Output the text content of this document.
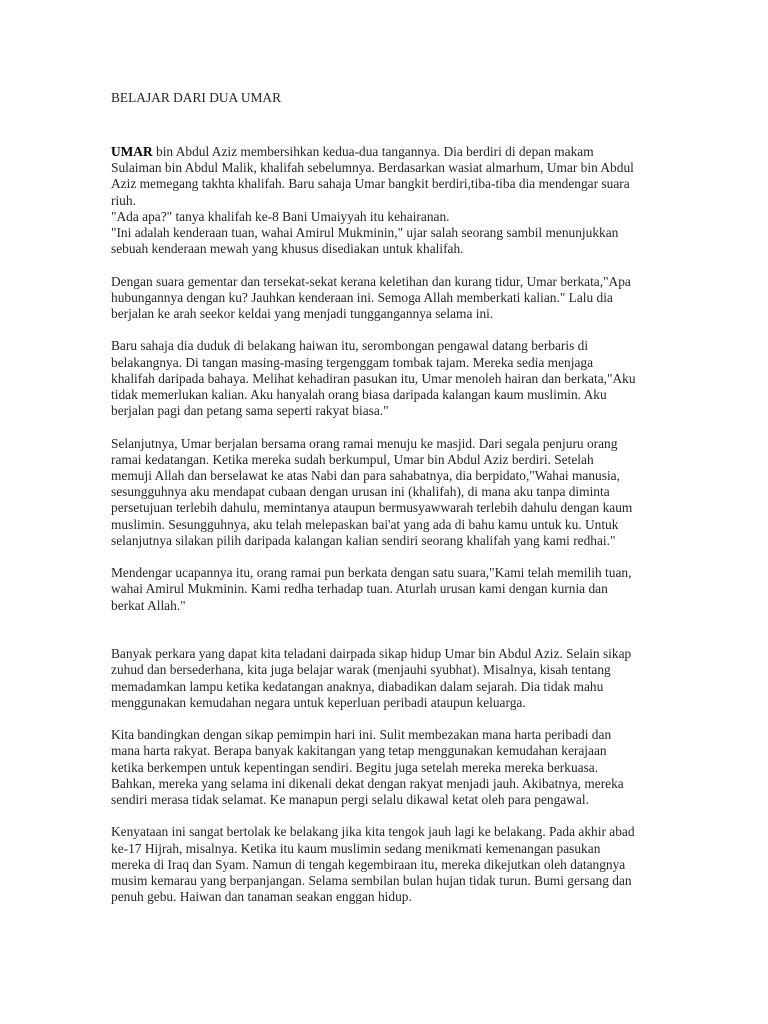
BELAJAR DARI DUA UMAR

UMAR bin Abdul Aziz membersihkan kedua-dua tangannya. Dia berdiri di depan makam
Sulaiman bin Abdul Malik, khalifah sebelumnya. Berdasarkan wasiat almarhum, Umar bin Abdul
Aziz memegang takhta khalifah. Baru sahaja Umar bangkit berdiri,tiba-tiba dia mendengar suara
riuh.
"Ada apa?" tanya khalifah ke-8 Bani Umaiyyah itu kehairanan.
"Ini adalah kenderaan tuan, wahai Amirul Mukminin," ujar salah seorang sambil menunjukkan
sebuah kenderaan mewah yang khusus disediakan untuk khalifah.

Dengan suara gementar dan tersekat-sekat kerana keletihan dan kurang tidur, Umar berkata,"Apa
hubungannya dengan ku? Jauhkan kenderaan ini. Semoga Allah memberkati kalian." Lalu dia
berjalan ke arah seekor keldai yang menjadi tunggangannya selama ini.

Baru sahaja dia duduk di belakang haiwan itu, serombongan pengawal datang berbaris di
belakangnya. Di tangan masing-masing tergenggam tombak tajam. Mereka sedia menjaga
khalifah daripada bahaya. Melihat kehadiran pasukan itu, Umar menoleh hairan dan berkata,"Aku
tidak memerlukan kalian. Aku hanyalah orang biasa daripada kalangan kaum muslimin. Aku
berjalan pagi dan petang sama seperti rakyat biasa."

Selanjutnya, Umar berjalan bersama orang ramai menuju ke masjid. Dari segala penjuru orang
ramai kedatangan. Ketika mereka sudah berkumpul, Umar bin Abdul Aziz berdiri. Setelah
memuji Allah dan berselawat ke atas Nabi dan para sahabatnya, dia berpidato,"Wahai manusia,
sesungguhnya aku mendapat cubaan dengan urusan ini (khalifah), di mana aku tanpa diminta
persetujuan terlebih dahulu, memintanya ataupun bermusyawwarah terlebih dahulu dengan kaum
muslimin. Sesungguhnya, aku telah melepaskan bai'at yang ada di bahu kamu untuk ku. Untuk
selanjutnya silakan pilih daripada kalangan kalian sendiri seorang khalifah yang kami redhai."

Mendengar ucapannya itu, orang ramai pun berkata dengan satu suara,"Kami telah memilih tuan,
wahai Amirul Mukminin. Kami redha terhadap tuan. Aturlah urusan kami dengan kurnia dan
berkat Allah."

Banyak perkara yang dapat kita teladani dairpada sikap hidup Umar bin Abdul Aziz. Selain sikap
zuhud dan bersederhana, kita juga belajar warak (menjauhi syubhat). Misalnya, kisah tentang
memadamkan lampu ketika kedatangan anaknya, diabadikan dalam sejarah. Dia tidak mahu
menggunakan kemudahan negara untuk keperluan peribadi ataupun keluarga.

Kita bandingkan dengan sikap pemimpin hari ini. Sulit membezakan mana harta peribadi dan
mana harta rakyat. Berapa banyak kakitangan yang tetap menggunakan kemudahan kerajaan
ketika berkempen untuk kepentingan sendiri. Begitu juga setelah mereka mereka berkuasa.
Bahkan, mereka yang selama ini dikenali dekat dengan rakyat menjadi jauh. Akibatnya, mereka
sendiri merasa tidak selamat. Ke manapun pergi selalu dikawal ketat oleh para pengawal.

Kenyataan ini sangat bertolak ke belakang jika kita tengok jauh lagi ke belakang. Pada akhir abad
ke-17 Hijrah, misalnya. Ketika itu kaum muslimin sedang menikmati kemenangan pasukan
mereka di Iraq dan Syam. Namun di tengah kegembiraan itu, mereka dikejutkan oleh datangnya
musim kemarau yang berpanjangan. Selama sembilan bulan hujan tidak turun. Bumi gersang dan
penuh gebu. Haiwan dan tanaman seakan enggan hidup.
